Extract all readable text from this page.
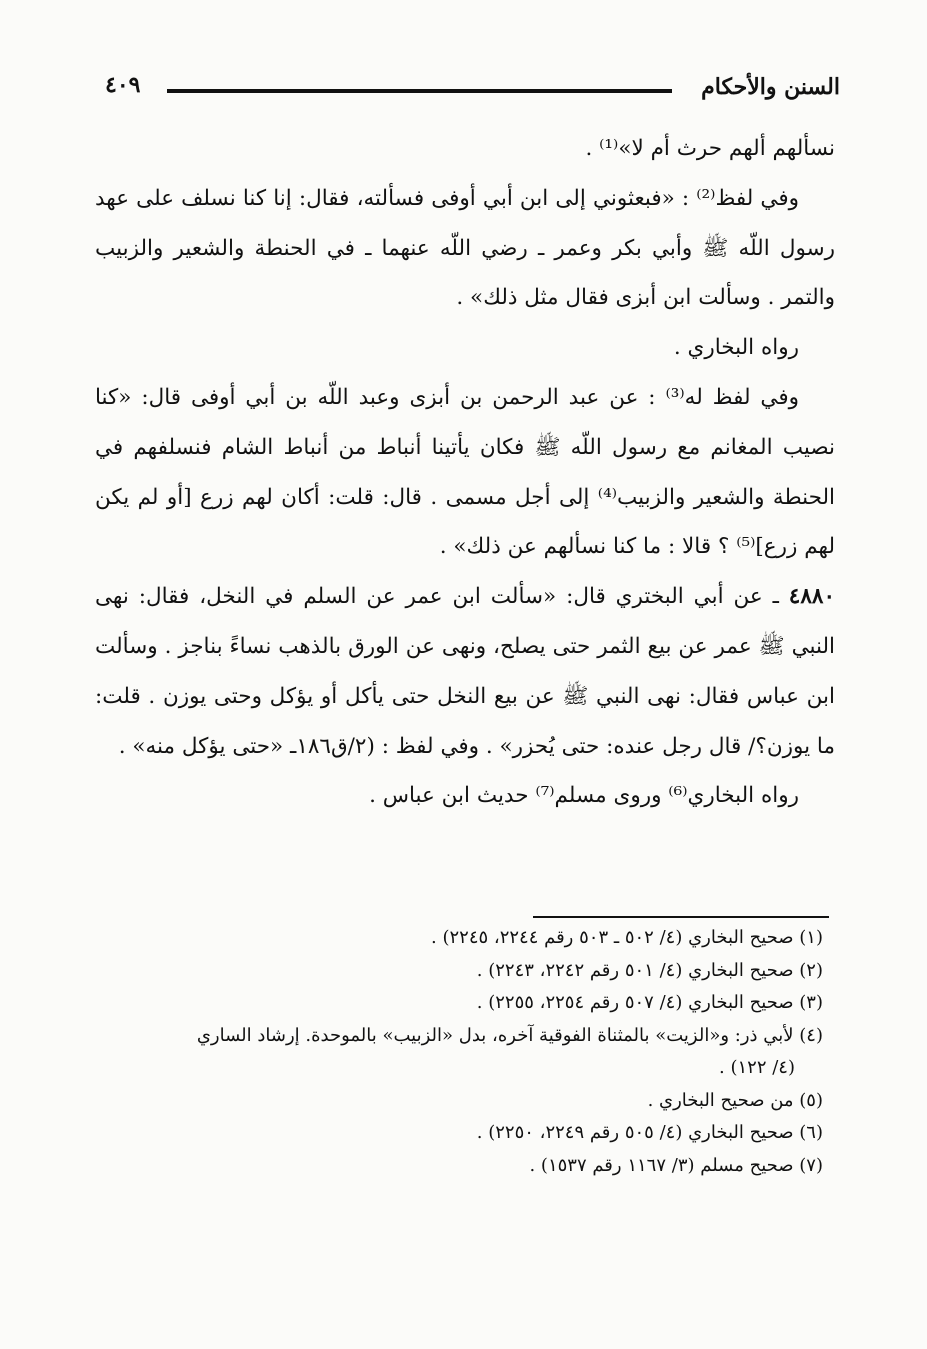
السنن والأحكام
٤٠٩

نسألهم ألهم حرث أم لا»⁽¹⁾ .

وفي لفظ⁽²⁾ : «فبعثوني إلى ابن أبي أوفى فسألته، فقال: إنا كنا نسلف على عهد رسول اللّه ﷺ وأبي بكر وعمر ـ رضي اللّه عنهما ـ في الحنطة والشعير والزبيب والتمر . وسألت ابن أبزى فقال مثل ذلك» .

رواه البخاري .

وفي لفظ له⁽³⁾ : عن عبد الرحمن بن أبزى وعبد اللّه بن أبي أوفى قال: «كنا نصيب المغانم مع رسول اللّه ﷺ فكان يأتينا أنباط من أنباط الشام فنسلفهم في الحنطة والشعير والزبيب⁽⁴⁾ إلى أجل مسمى . قال: قلت: أكان لهم زرع [أو لم يكن لهم زرع]⁽⁵⁾ ؟ قالا : ما كنا نسألهم عن ذلك» .

٤٨٨٠ ـ عن أبي البختري قال: «سألت ابن عمر عن السلم في النخل، فقال: نهى النبي ﷺ عمر عن بيع الثمر حتى يصلح، ونهى عن الورق بالذهب نساءً بناجز . وسألت ابن عباس فقال: نهى النبي ﷺ عن بيع النخل حتى يأكل أو يؤكل وحتى يوزن . قلت: ما يوزن؟/ قال رجل عنده: حتى يُحزر» . وفي لفظ : (٢/ق١٨٦ـ «حتى يؤكل منه» .

رواه البخاري⁽⁶⁾ وروى مسلم⁽⁷⁾ حديث ابن عباس .

(١) صحيح البخاري (٤/ ٥٠٢ ـ ٥٠٣ رقم ٢٢٤٤، ٢٢٤٥) .

(٢) صحيح البخاري (٤/ ٥٠١ رقم ٢٢٤٢، ٢٢٤٣) .

(٣) صحيح البخاري (٤/ ٥٠٧ رقم ٢٢٥٤، ٢٢٥٥) .

(٤) لأبي ذر: و«الزيت» بالمثناة الفوقية آخره، بدل «الزبيب» بالموحدة. إرشاد الساري

(٤/ ١٢٢) .

(٥) من صحيح البخاري .

(٦) صحيح البخاري (٤/ ٥٠٥ رقم ٢٢٤٩، ٢٢٥٠) .

(٧) صحيح مسلم (٣/ ١١٦٧ رقم ١٥٣٧) .
